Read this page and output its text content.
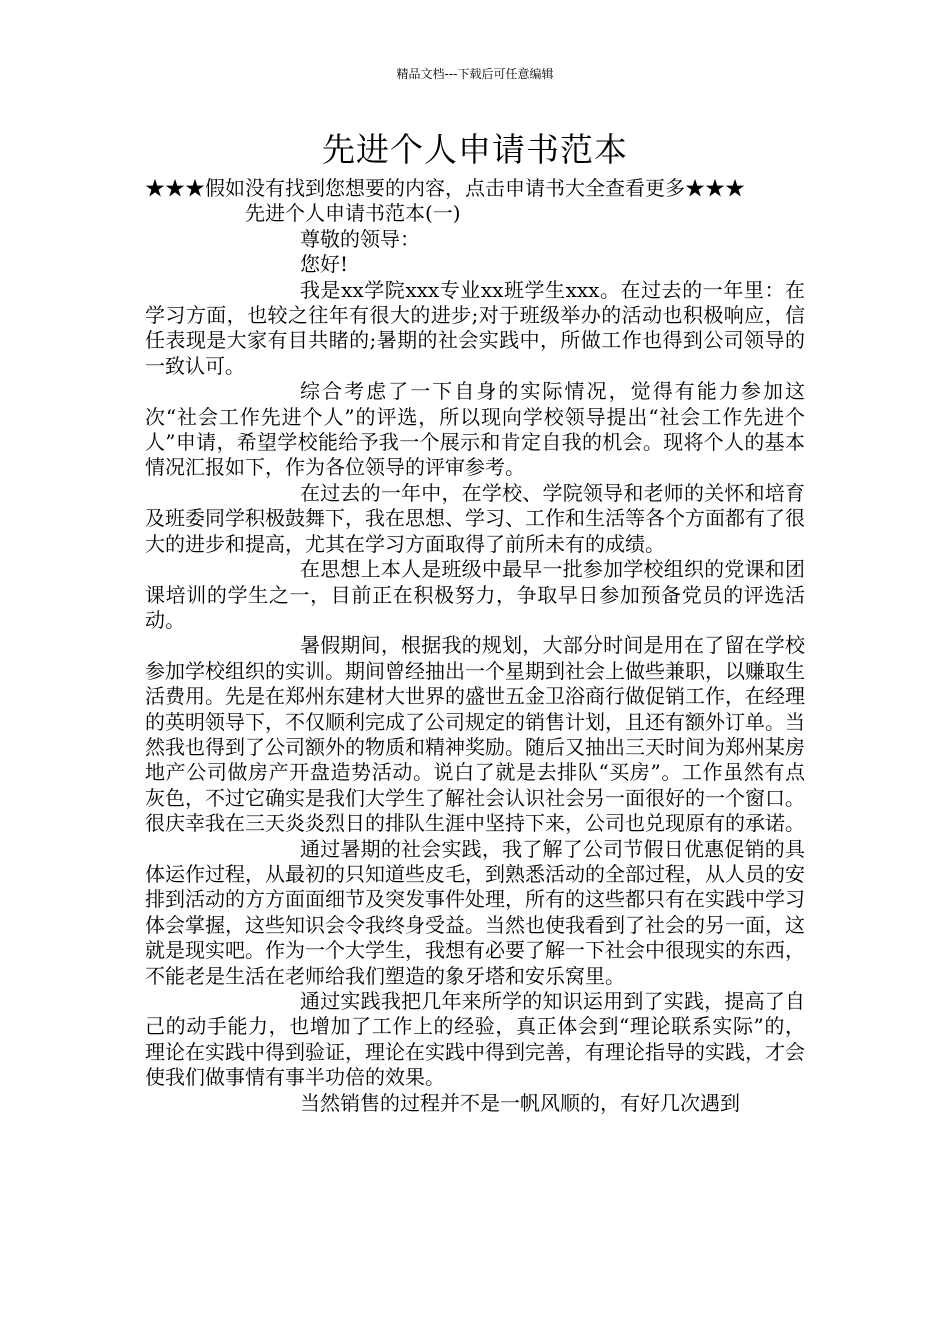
精品文档---下载后可任意编辑
先进个人申请书范本

★★★假如没有找到您想要的内容，点击申请书大全查看更多★★★

先进个人申请书范本(一)

尊敬的领导：

您好!

我是xx学院xxx专业xx班学生xxx。在过去的一年里：在学习方面，也较之往年有很大的进步;对于班级举办的活动也积极响应，信任表现是大家有目共睹的;暑期的社会实践中，所做工作也得到公司领导的一致认可。

综合考虑了一下自身的实际情况，觉得有能力参加这次“社会工作先进个人”的评选，所以现向学校领导提出“社会工作先进个人”申请，希望学校能给予我一个展示和肯定自我的机会。现将个人的基本情况汇报如下，作为各位领导的评审参考。

在过去的一年中，在学校、学院领导和老师的关怀和培育及班委同学积极鼓舞下，我在思想、学习、工作和生活等各个方面都有了很大的进步和提高，尤其在学习方面取得了前所未有的成绩。

在思想上本人是班级中最早一批参加学校组织的党课和团课培训的学生之一，目前正在积极努力，争取早日参加预备党员的评选活动。

暑假期间，根据我的规划，大部分时间是用在了留在学校参加学校组织的实训。期间曾经抽出一个星期到社会上做些兼职，以赚取生活费用。先是在郑州东建材大世界的盛世五金卫浴商行做促销工作，在经理的英明领导下，不仅顺利完成了公司规定的销售计划，且还有额外订单。当然我也得到了公司额外的物质和精神奖励。随后又抽出三天时间为郑州某房地产公司做房产开盘造势活动。说白了就是去排队“买房”。工作虽然有点灰色，不过它确实是我们大学生了解社会认识社会另一面很好的一个窗口。很庆幸我在三天炎炎烈日的排队生涯中坚持下来，公司也兑现原有的承诺。

通过暑期的社会实践，我了解了公司节假日优惠促销的具体运作过程，从最初的只知道些皮毛，到熟悉活动的全部过程，从人员的安排到活动的方方面面细节及突发事件处理，所有的这些都只有在实践中学习体会掌握，这些知识会令我终身受益。当然也使我看到了社会的另一面，这就是现实吧。作为一个大学生，我想有必要了解一下社会中很现实的东西，不能老是生活在老师给我们塑造的象牙塔和安乐窝里。

通过实践我把几年来所学的知识运用到了实践，提高了自己的动手能力，也增加了工作上的经验，真正体会到“理论联系实际”的，理论在实践中得到验证，理论在实践中得到完善，有理论指导的实践，才会使我们做事情有事半功倍的效果。

当然销售的过程并不是一帆风顺的，有好几次遇到
